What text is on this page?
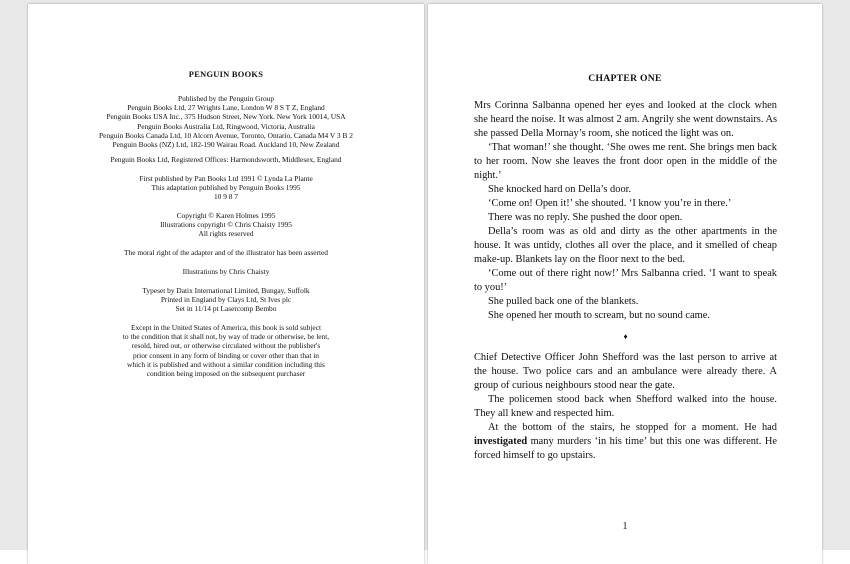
PENGUIN BOOKS
Published by the Penguin Group
Penguin Books Ltd, 27 Wrights Lane, London W 8 S T Z, England
Penguin Books USA Inc., 375 Hudson Street, New York. New York 10014, USA
Penguin Books Australia Ltd, Ringwood, Victoria, Australia
Penguin Books Canada Ltd, 10 Alcorn Avenue, Toronto, Ontario, Canada M4 V 3 B 2
Penguin Books (NZ) Ltd, 182-190 Wairau Road. Auckland 10, New Zealand
Penguin Books Ltd, Registered Offices: Harmondsworth, Middlesex, England
First published by Pan Books Ltd 1991 © Lynda La Plante
This adaptation published by Penguin Books 1995
10 9 8 7
Copyright © Karen Holmes 1995
Illustrations copyright © Chris Chaisty 1995
All rights reserved
The moral right of the adapter and of the illustrator has been asserted
Illustrations by Chris Chaisty
Typeset by Datix International Limited, Bungay, Suffolk
Printed in England by Clays Ltd, St Ives plc
Set in 11/14 pt Lasercomp Bembo
Except in the United States of America, this book is sold subject
to the condition that it shall not, by way of trade or otherwise, be lent,
resold, hired out, or otherwise circulated without the publisher's
prior consent in any form of binding or cover other than that in
which it is published and without a similar condition including this
condition being imposed on the subsequent purchaser
CHAPTER ONE

Mrs Corinna Salbanna opened her eyes and looked at the clock when she heard the noise. It was almost 2 am. Angrily she went downstairs. As she passed Della Mornay’s room, she noticed the light was on.

‘That woman!’ she thought. ‘She owes me rent. She brings men back to her room. Now she leaves the front door open in the middle of the night.’

She knocked hard on Della’s door.

‘Come on! Open it!’ she shouted. ‘I know you’re in there.’

There was no reply. She pushed the door open.

Della’s room was as old and dirty as the other apartments in the house. It was untidy, clothes all over the place, and it smelled of cheap make-up. Blankets lay on the floor next to the bed.

‘Come out of there right now!’ Mrs Salbanna cried. ‘I want to speak to you!’

She pulled back one of the blankets.

She opened her mouth to scream, but no sound came.

♦

Chief Detective Officer John Shefford was the last person to arrive at the house. Two police cars and an ambulance were already there. A group of curious neighbours stood near the gate.

The policemen stood back when Shefford walked into the house. They all knew and respected him.

At the bottom of the stairs, he stopped for a moment. He had investigated many murders ‘in his time’ but this one was different. He forced himself to go upstairs.

1
